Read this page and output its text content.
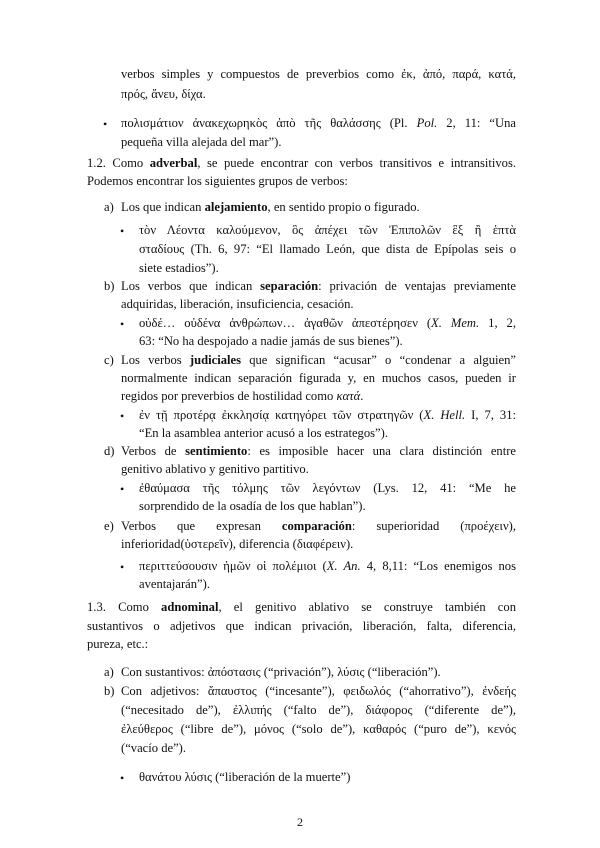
verbos simples y compuestos de preverbios como ἐκ, ἀπό, παρά, κατά,
πρός, ἄνευ, δίχα.
• πολισμάτιον ἀνακεχωρηκὸς ἀπὸ τῆς θαλάσσης (Pl. Pol. 2, 11: “Una
pequeña villa alejada del mar”).
1.2. Como adverbal, se puede encontrar con verbos transitivos e intransitivos.
Podemos encontrar los siguientes grupos de verbos:
a) Los que indican alejamiento, en sentido propio o figurado.
• τὸν Λέοντα καλούμενον, ὃς ἀπέχει τῶν Ἐπιπολῶν ἓξ ἢ ἑπτὰ
σταδίους (Th. 6, 97: “El llamado León, que dista de Epípolas seis o
siete estadios”).
b) Los verbos que indican separación: privación de ventajas previamente
adquiridas, liberación, insuficiencia, cesación.
• οὐδέ… οὐδένα ἀνθρώπων… ἀγαθῶν ἀπεστέρησεν (X. Mem. 1, 2,
63: “No ha despojado a nadie jamás de sus bienes”).
c) Los verbos judiciales que significan “acusar” o “condenar a alguien”
normalmente indican separación figurada y, en muchos casos, pueden ir
regidos por preverbios de hostilidad como κατά.
• ἐν τῇ προτέρᾳ ἐκκλησίᾳ κατηγόρει τῶν στρατηγῶν (X. Hell. I, 7, 31:
“En la asamblea anterior acusó a los estrategos”).
d) Verbos de sentimiento: es imposible hacer una clara distinción entre
genitivo ablativo y genitivo partitivo.
• ἐθαύμασα τῆς τόλμης τῶν λεγόντων (Lys. 12, 41: “Me he
sorprendido de la osadía de los que hablan”).
e) Verbos que expresan comparación: superioridad (προέχειν),
inferioridad(ὑστερεῖν), diferencia (διαφέρειν).
• περιττεύσουσιν ἡμῶν οἱ πολέμιοι (X. An. 4, 8,11: “Los enemigos nos
aventajarán”).
1.3. Como adnominal, el genitivo ablativo se construye también con
sustantivos o adjetivos que indican privación, liberación, falta, diferencia,
pureza, etc.:
a) Con sustantivos: ἀπόστασις (“privación”), λύσις (“liberación”).
b) Con adjetivos: ἄπαυστος (“incesante”), φειδωλός (“ahorrativo”), ἐνδεής
(“necesitado de”), ἐλλιπής (“falto de”), διάφορος (“diferente de”),
ἐλεύθερος (“libre de”), μόνος (“solo de”), καθαρός (“puro de”), κενός
(“vacío de”).
• θανάτου λύσις (“liberación de la muerte”)
2
